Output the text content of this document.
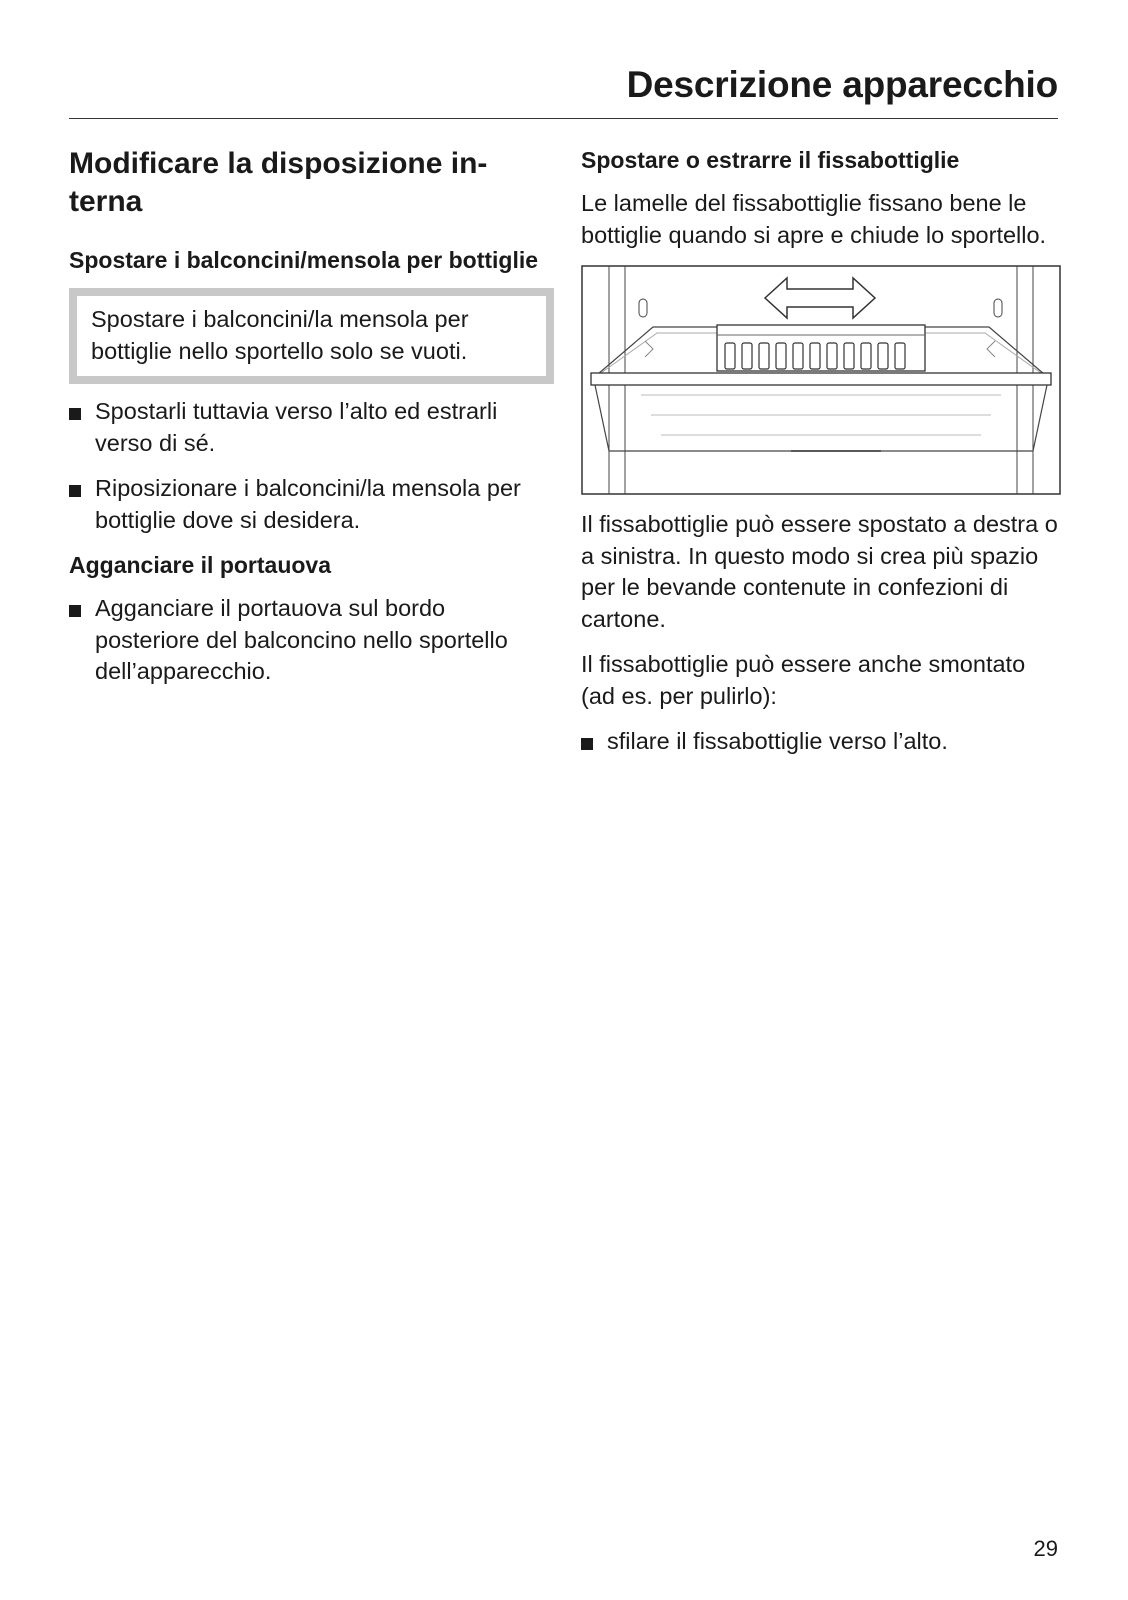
Descrizione apparecchio
Modificare la disposizione in-
terna
Spostare i balconcini/mensola per bottiglie
Spostare i balconcini/la mensola per bottiglie nello sportello solo se vuoti.
Spostarli tuttavia verso l’alto ed estrarli verso di sé.
Riposizionare i balconcini/la mensola per bottiglie dove si desidera.
Agganciare il portauova
Agganciare il portauova sul bordo posteriore del balconcino nello sportello dell’apparecchio.
Spostare o estrarre il fissabottiglie

Le lamelle del fissabottiglie fissano bene le bottiglie quando si apre e chiude lo sportello.

Il fissabottiglie può essere spostato a destra o a sinistra. In questo modo si crea più spazio per le bevande contenute in confezioni di cartone.

Il fissabottiglie può essere anche smontato (ad es. per pulirlo):

sfilare il fissabottiglie verso l’alto.
29
